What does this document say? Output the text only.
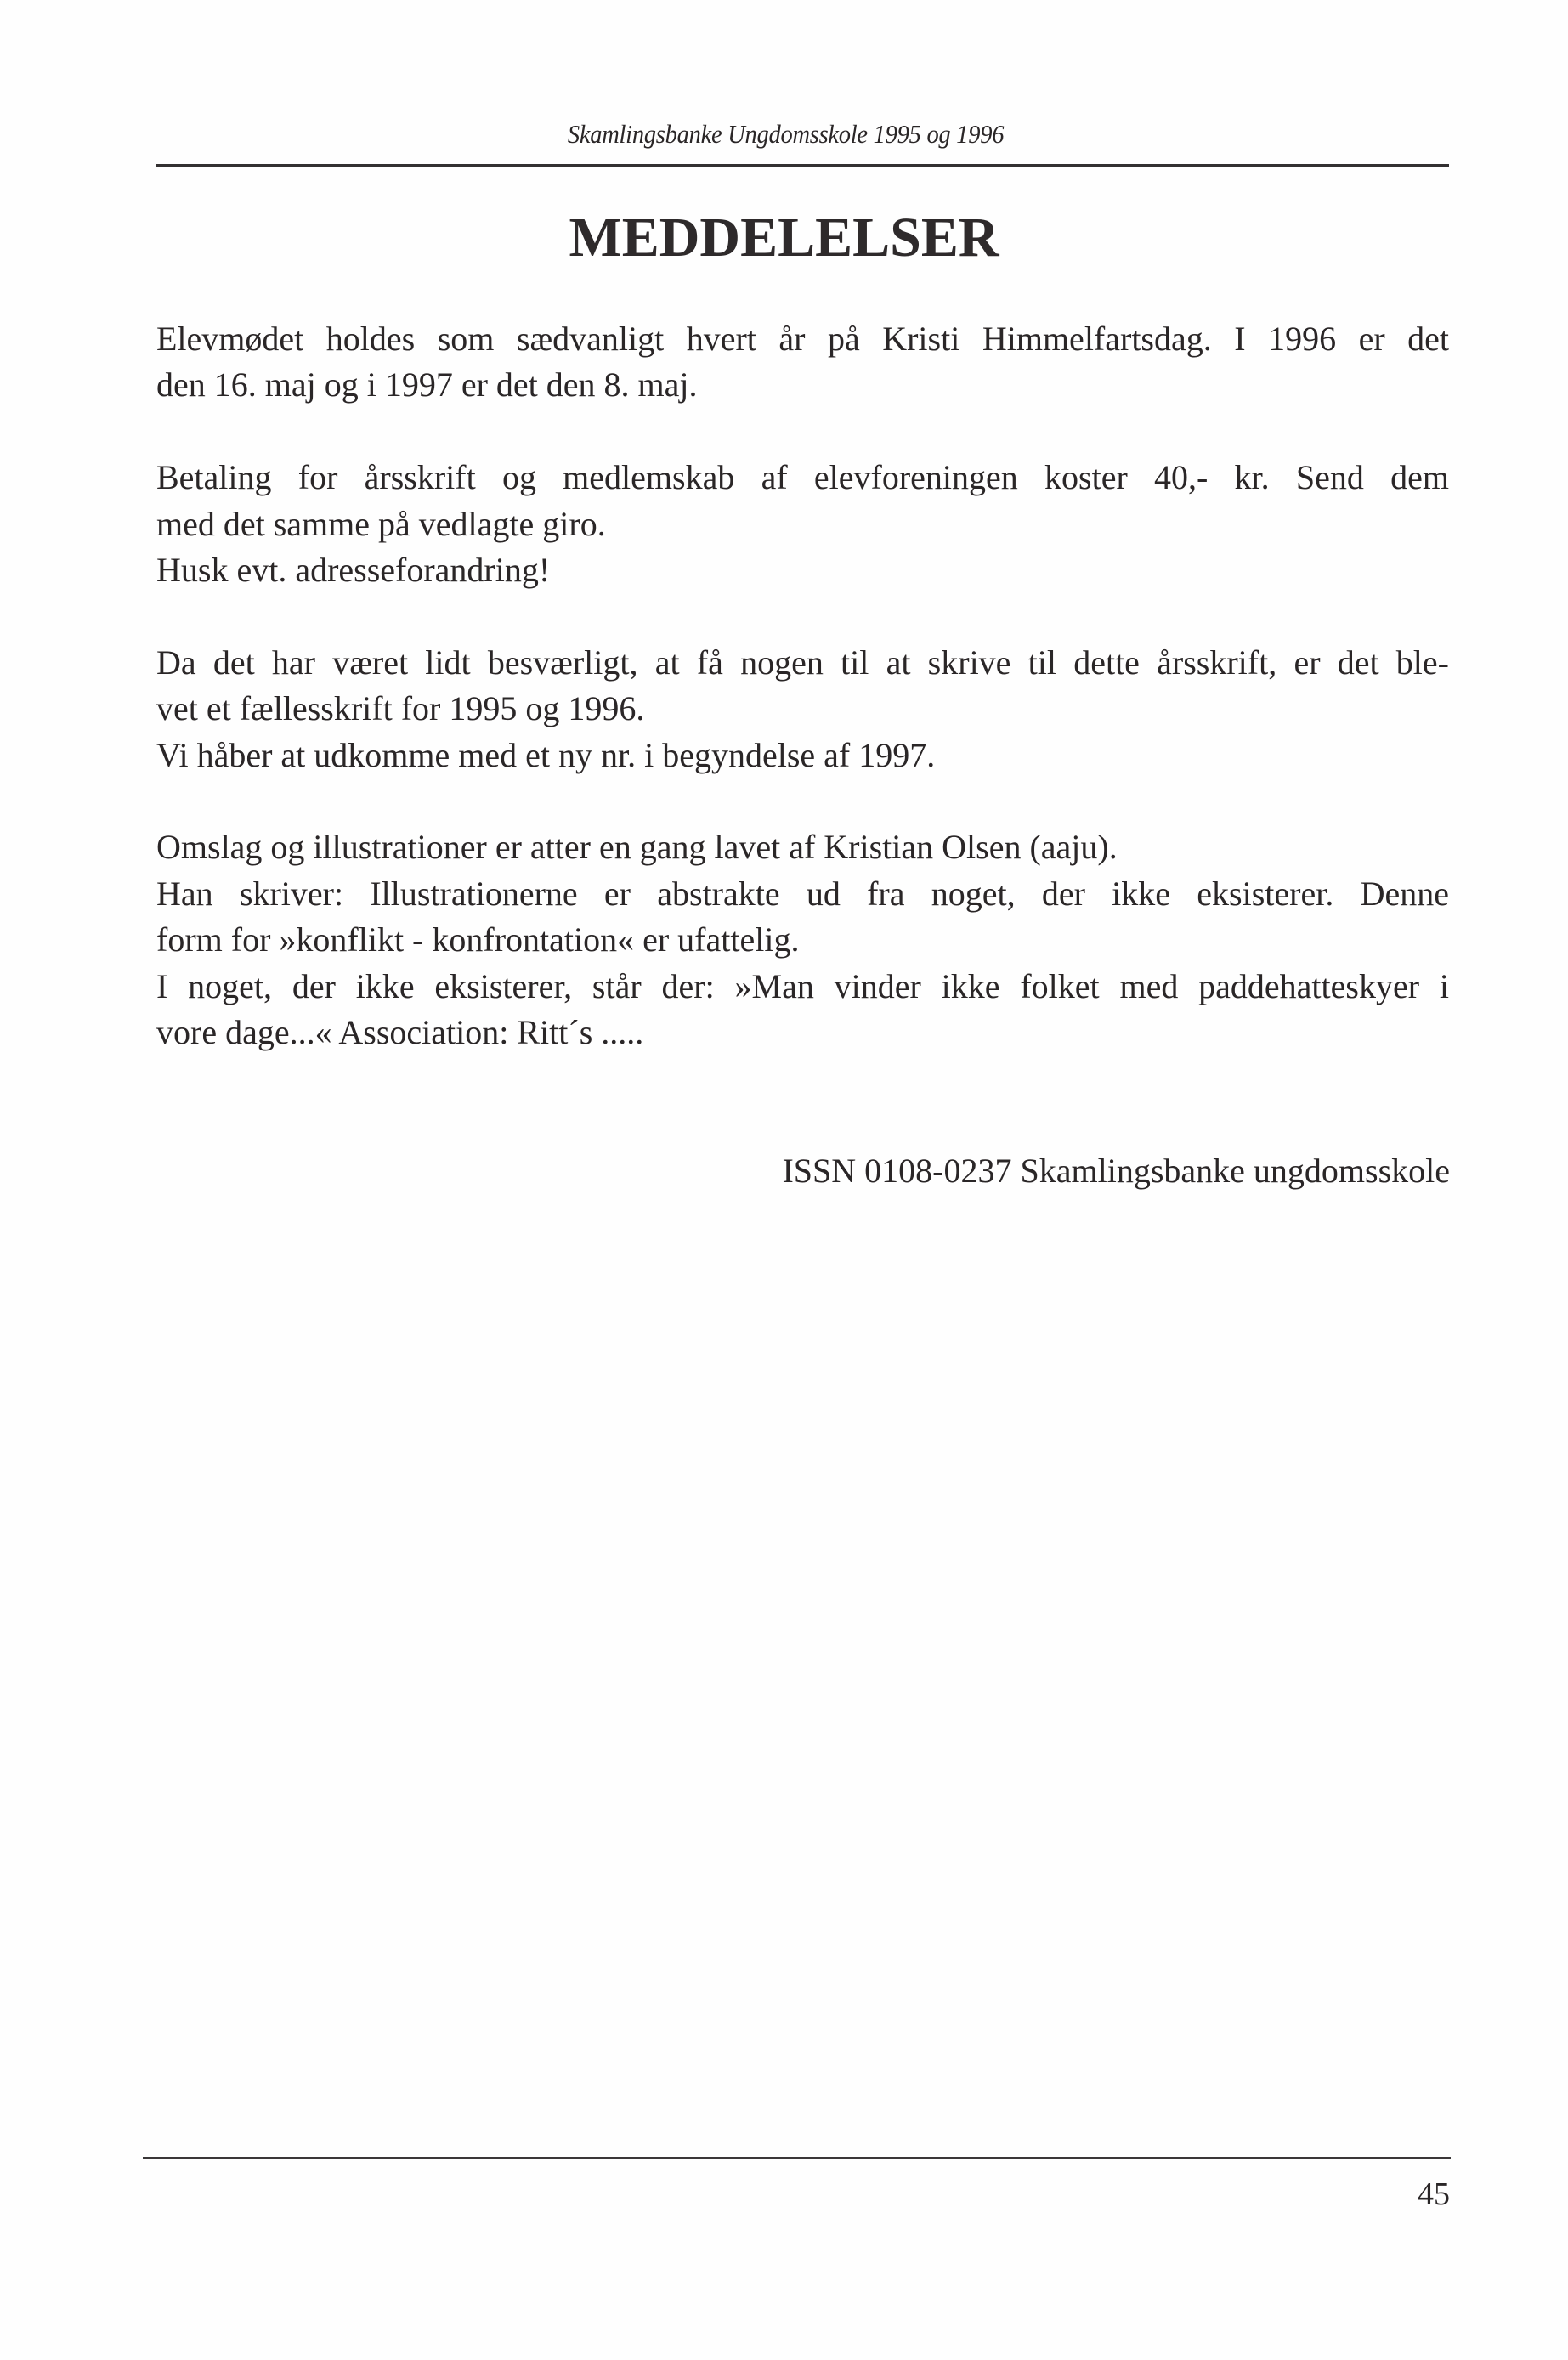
Skamlingsbanke Ungdomsskole 1995 og 1996
MEDDELELSER
Elevmødet holdes som sædvanligt hvert år på Kristi Himmelfartsdag. I 1996 er det
den 16. maj og i 1997 er det den 8. maj.
Betaling for årsskrift og medlemskab af elevforeningen koster 40,- kr. Send dem
med det samme på vedlagte giro.
Husk evt. adresseforandring!
Da det har været lidt besværligt, at få nogen til at skrive til dette årsskrift, er det ble-
vet et fællesskrift for 1995 og 1996.
Vi håber at udkomme med et ny nr. i begyndelse af 1997.
Omslag og illustrationer er atter en gang lavet af Kristian Olsen (aaju).
Han skriver: Illustrationerne er abstrakte ud fra noget, der ikke eksisterer. Denne
form for »konflikt - konfrontation« er ufattelig.
I noget, der ikke eksisterer, står der: »Man vinder ikke folket med paddehatteskyer i
vore dage...« Association: Ritt´s .....
ISSN 0108-0237 Skamlingsbanke ungdomsskole
45
